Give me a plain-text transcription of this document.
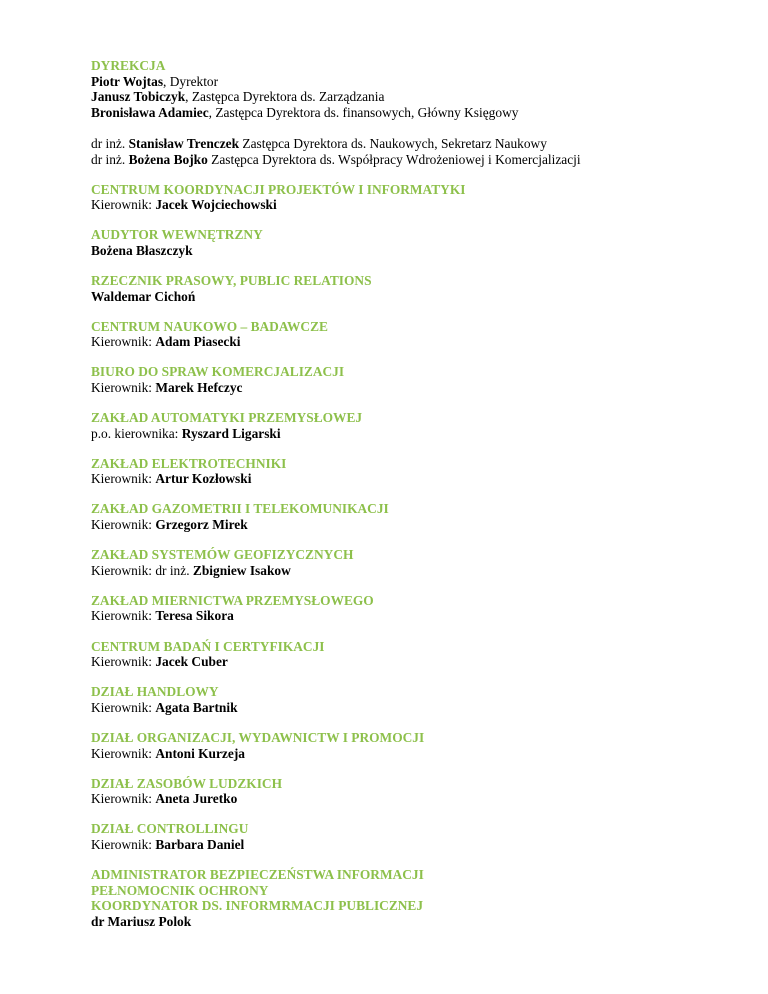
DYREKCJA
Piotr Wojtas, Dyrektor
Janusz Tobiczyk, Zastępca Dyrektora ds. Zarządzania
Bronisława Adamiec, Zastępca Dyrektora ds. finansowych, Główny Księgowy
dr inż. Stanisław Trenczek Zastępca Dyrektora ds. Naukowych, Sekretarz Naukowy
dr inż. Bożena Bojko Zastępca Dyrektora ds. Współpracy Wdrożeniowej i Komercjalizacji
CENTRUM KOORDYNACJI PROJEKTÓW I INFORMATYKI
Kierownik: Jacek Wojciechowski
AUDYTOR WEWNĘTRZNY
Bożena Błaszczyk
RZECZNIK PRASOWY, PUBLIC RELATIONS
Waldemar Cichoń
CENTRUM NAUKOWO – BADAWCZE
Kierownik: Adam Piasecki
BIURO DO SPRAW KOMERCJALIZACJI
Kierownik: Marek Hefczyc
ZAKŁAD AUTOMATYKI PRZEMYSŁOWEJ
p.o. kierownika: Ryszard Ligarski
ZAKŁAD ELEKTROTECHNIKI
Kierownik: Artur Kozłowski
ZAKŁAD GAZOMETRII I TELEKOMUNIKACJI
Kierownik: Grzegorz Mirek
ZAKŁAD SYSTEMÓW GEOFIZYCZNYCH
Kierownik: dr inż. Zbigniew Isakow
ZAKŁAD MIERNICTWA PRZEMYSŁOWEGO
Kierownik: Teresa Sikora
CENTRUM BADAŃ I CERTYFIKACJI
Kierownik: Jacek Cuber
DZIAŁ HANDLOWY
Kierownik: Agata Bartnik
DZIAŁ ORGANIZACJI, WYDAWNICTW I PROMOCJI
Kierownik: Antoni Kurzeja
DZIAŁ ZASOBÓW LUDZKICH
Kierownik: Aneta Juretko
DZIAŁ CONTROLLINGU
Kierownik: Barbara Daniel
ADMINISTRATOR BEZPIECZEŃSTWA INFORMACJI
PEŁNOMOCNIK OCHRONY
KOORDYNATOR DS. INFORMRMACJI PUBLICZNEJ
dr Mariusz Polok
